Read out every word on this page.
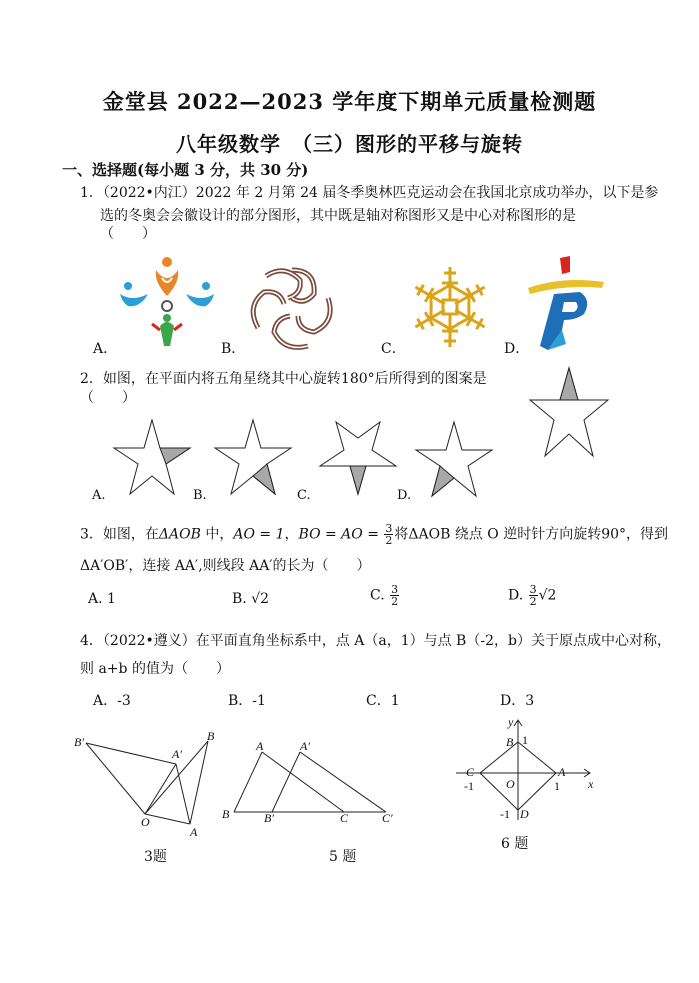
金堂县 2022—2023 学年度下期单元质量检测题
八年级数学　（三）图形的平移与旋转
一、选择题(每小题 3 分，共 30 分)
1．（2022•内江）2022 年 2 月第 24 届冬季奥林匹克运动会在我国北京成功举办，以下是参
选的冬奥会会徽设计的部分图形，其中既是轴对称图形又是中心对称图形的是
（　　）
A．	B．	C．	D．
2．如图，在平面内将五角星绕其中心旋转180°后所得到的图案是
（　　）
A.	B.	C.	D.
3．如图，在ΔAOB 中，AO = 1，BO = AO = $\frac{3}{2}$ 将ΔAOB 绕点 O 逆时针方向旋转90°，得到
ΔA′OB′，连接 AA′,则线段 AA′的长为（　　）
A. 1	B. √2	C. $\frac{3}{2}$	D. $\frac{3}{2} √2$
4．（2022•遵义）在平面直角坐标系中，点 A（a，1）与点 B（-2，b）关于原点成中心对称，
则 a+b 的值为（　　）
A．-3	B．-1	C．1	D．3
B′
A′
B
O
A
3题
A	A′
B	B′	C	C′
5 题
y
x
B 1
C
O
A
-1	1
-1 D
6 题
